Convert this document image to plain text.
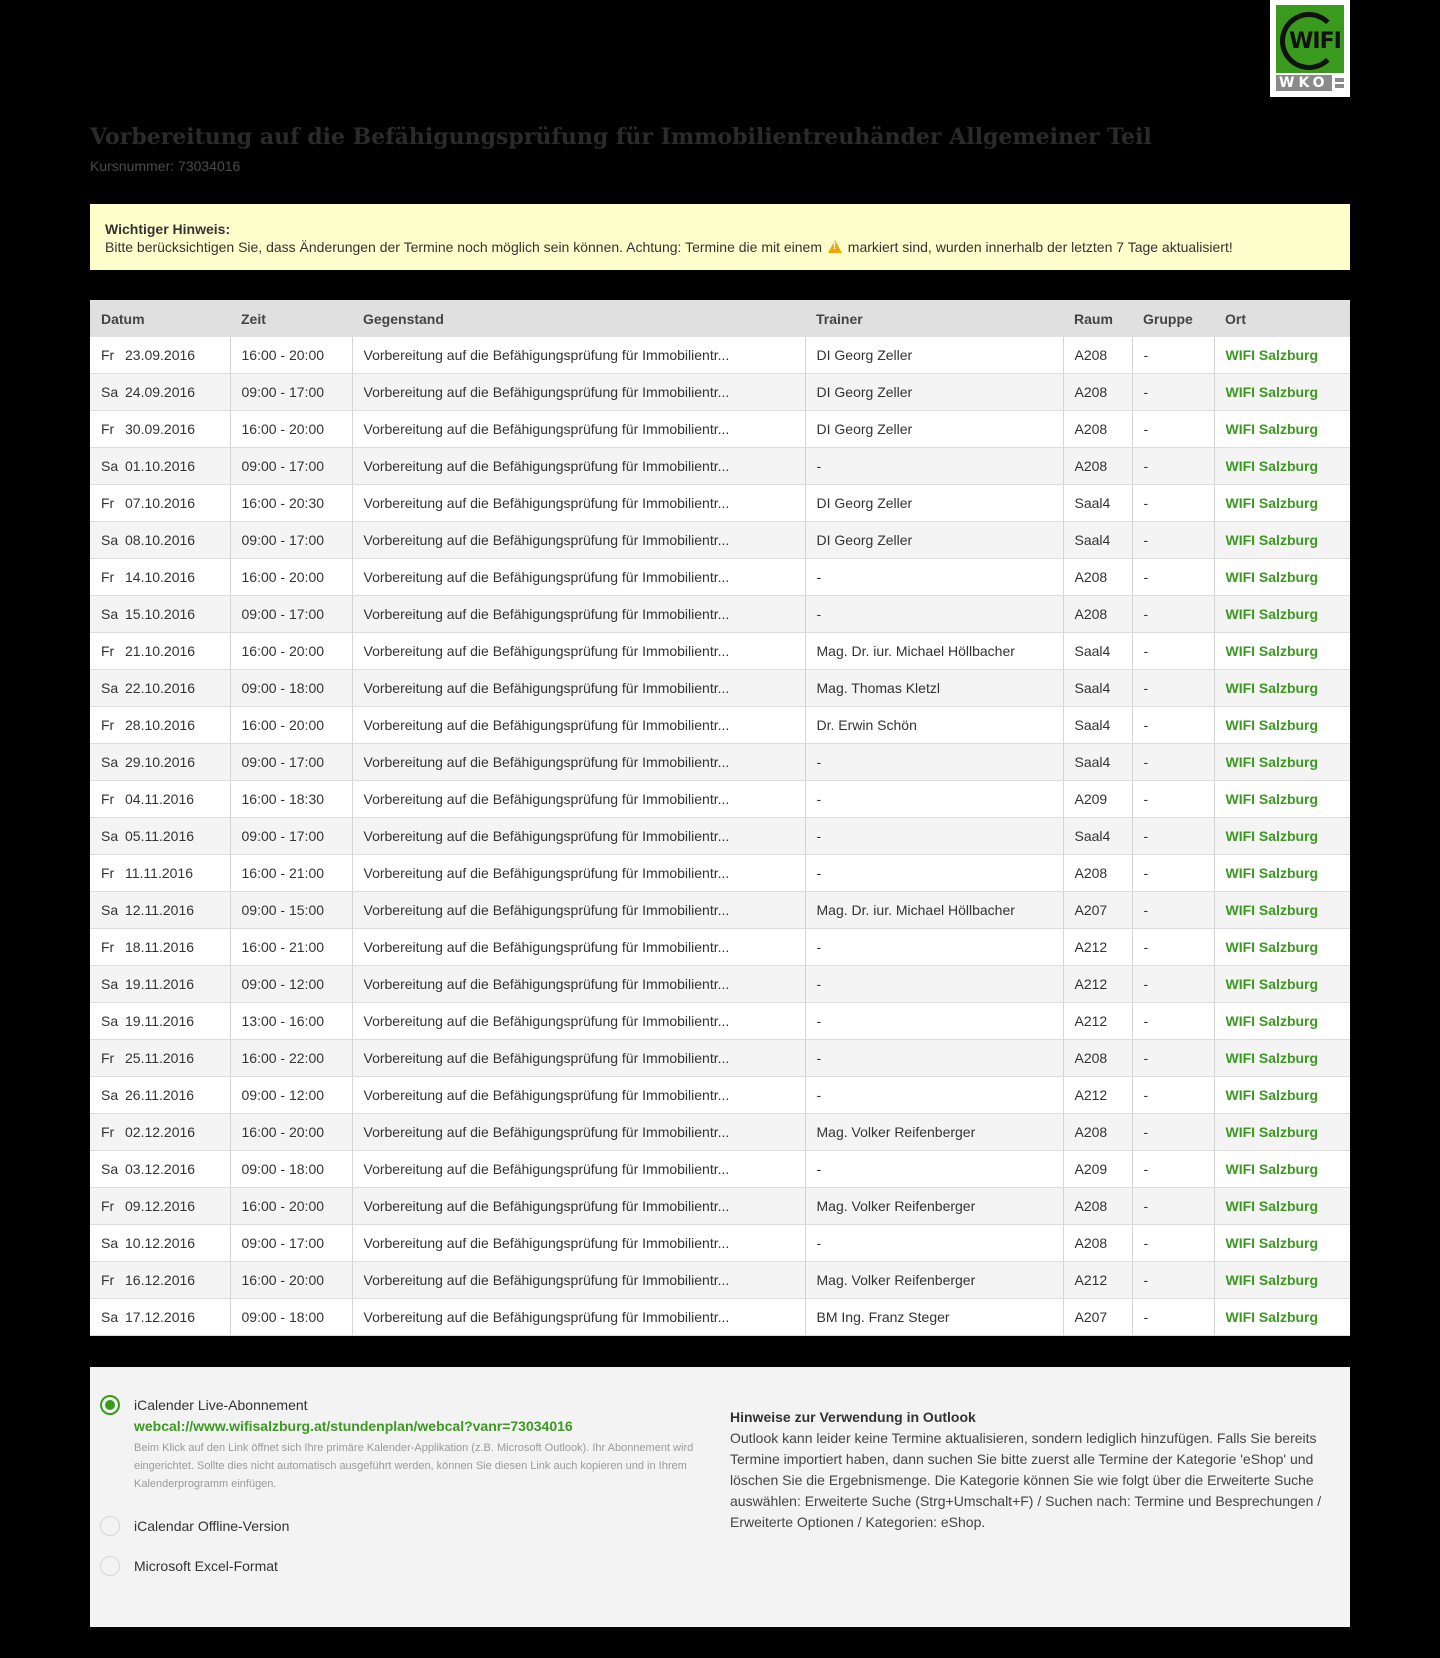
WIFI
WKO
Vorbereitung auf die Befähigungsprüfung für Immobilientreuhänder Allgemeiner Teil
Kursnummer: 73034016
Wichtiger Hinweis:
Bitte berücksichtigen Sie, dass Änderungen der Termine noch möglich sein können. Achtung: Termine die mit einem ! markiert sind, wurden innerhalb der letzten 7 Tage aktualisiert!
Datum	Zeit	Gegenstand	Trainer	Raum	Gruppe	Ort
Fr 23.09.2016	16:00 - 20:00	Vorbereitung auf die Befähigungsprüfung für Immobilientr...	DI Georg Zeller	A208	-	WIFI Salzburg
Sa 24.09.2016	09:00 - 17:00	Vorbereitung auf die Befähigungsprüfung für Immobilientr...	DI Georg Zeller	A208	-	WIFI Salzburg
Fr 30.09.2016	16:00 - 20:00	Vorbereitung auf die Befähigungsprüfung für Immobilientr...	DI Georg Zeller	A208	-	WIFI Salzburg
Sa 01.10.2016	09:00 - 17:00	Vorbereitung auf die Befähigungsprüfung für Immobilientr...	-	A208	-	WIFI Salzburg
Fr 07.10.2016	16:00 - 20:30	Vorbereitung auf die Befähigungsprüfung für Immobilientr...	DI Georg Zeller	Saal4	-	WIFI Salzburg
Sa 08.10.2016	09:00 - 17:00	Vorbereitung auf die Befähigungsprüfung für Immobilientr...	DI Georg Zeller	Saal4	-	WIFI Salzburg
Fr 14.10.2016	16:00 - 20:00	Vorbereitung auf die Befähigungsprüfung für Immobilientr...	-	A208	-	WIFI Salzburg
Sa 15.10.2016	09:00 - 17:00	Vorbereitung auf die Befähigungsprüfung für Immobilientr...	-	A208	-	WIFI Salzburg
Fr 21.10.2016	16:00 - 20:00	Vorbereitung auf die Befähigungsprüfung für Immobilientr...	Mag. Dr. iur. Michael Höllbacher	Saal4	-	WIFI Salzburg
Sa 22.10.2016	09:00 - 18:00	Vorbereitung auf die Befähigungsprüfung für Immobilientr...	Mag. Thomas Kletzl	Saal4	-	WIFI Salzburg
Fr 28.10.2016	16:00 - 20:00	Vorbereitung auf die Befähigungsprüfung für Immobilientr...	Dr. Erwin Schön	Saal4	-	WIFI Salzburg
Sa 29.10.2016	09:00 - 17:00	Vorbereitung auf die Befähigungsprüfung für Immobilientr...	-	Saal4	-	WIFI Salzburg
Fr 04.11.2016	16:00 - 18:30	Vorbereitung auf die Befähigungsprüfung für Immobilientr...	-	A209	-	WIFI Salzburg
Sa 05.11.2016	09:00 - 17:00	Vorbereitung auf die Befähigungsprüfung für Immobilientr...	-	Saal4	-	WIFI Salzburg
Fr 11.11.2016	16:00 - 21:00	Vorbereitung auf die Befähigungsprüfung für Immobilientr...	-	A208	-	WIFI Salzburg
Sa 12.11.2016	09:00 - 15:00	Vorbereitung auf die Befähigungsprüfung für Immobilientr...	Mag. Dr. iur. Michael Höllbacher	A207	-	WIFI Salzburg
Fr 18.11.2016	16:00 - 21:00	Vorbereitung auf die Befähigungsprüfung für Immobilientr...	-	A212	-	WIFI Salzburg
Sa 19.11.2016	09:00 - 12:00	Vorbereitung auf die Befähigungsprüfung für Immobilientr...	-	A212	-	WIFI Salzburg
Sa 19.11.2016	13:00 - 16:00	Vorbereitung auf die Befähigungsprüfung für Immobilientr...	-	A212	-	WIFI Salzburg
Fr 25.11.2016	16:00 - 22:00	Vorbereitung auf die Befähigungsprüfung für Immobilientr...	-	A208	-	WIFI Salzburg
Sa 26.11.2016	09:00 - 12:00	Vorbereitung auf die Befähigungsprüfung für Immobilientr...	-	A212	-	WIFI Salzburg
Fr 02.12.2016	16:00 - 20:00	Vorbereitung auf die Befähigungsprüfung für Immobilientr...	Mag. Volker Reifenberger	A208	-	WIFI Salzburg
Sa 03.12.2016	09:00 - 18:00	Vorbereitung auf die Befähigungsprüfung für Immobilientr...	-	A209	-	WIFI Salzburg
Fr 09.12.2016	16:00 - 20:00	Vorbereitung auf die Befähigungsprüfung für Immobilientr...	Mag. Volker Reifenberger	A208	-	WIFI Salzburg
Sa 10.12.2016	09:00 - 17:00	Vorbereitung auf die Befähigungsprüfung für Immobilientr...	-	A208	-	WIFI Salzburg
Fr 16.12.2016	16:00 - 20:00	Vorbereitung auf die Befähigungsprüfung für Immobilientr...	Mag. Volker Reifenberger	A212	-	WIFI Salzburg
Sa 17.12.2016	09:00 - 18:00	Vorbereitung auf die Befähigungsprüfung für Immobilientr...	BM Ing. Franz Steger	A207	-	WIFI Salzburg
iCalender Live-Abonnement
webcal://www.wifisalzburg.at/stundenplan/webcal?vanr=73034016
Beim Klick auf den Link öffnet sich Ihre primäre Kalender-Applikation (z.B. Microsoft Outlook). Ihr Abonnement wird eingerichtet. Sollte dies nicht automatisch ausgeführt werden, können Sie diesen Link auch kopieren und in Ihrem Kalenderprogramm einfügen.
iCalendar Offline-Version
Microsoft Excel-Format
Hinweise zur Verwendung in Outlook
Outlook kann leider keine Termine aktualisieren, sondern lediglich hinzufügen. Falls Sie bereits Termine importiert haben, dann suchen Sie bitte zuerst alle Termine der Kategorie 'eShop' und löschen Sie die Ergebnismenge. Die Kategorie können Sie wie folgt über die Erweiterte Suche auswählen: Erweiterte Suche (Strg+Umschalt+F) / Suchen nach: Termine und Besprechungen / Erweiterte Optionen / Kategorien: eShop.
